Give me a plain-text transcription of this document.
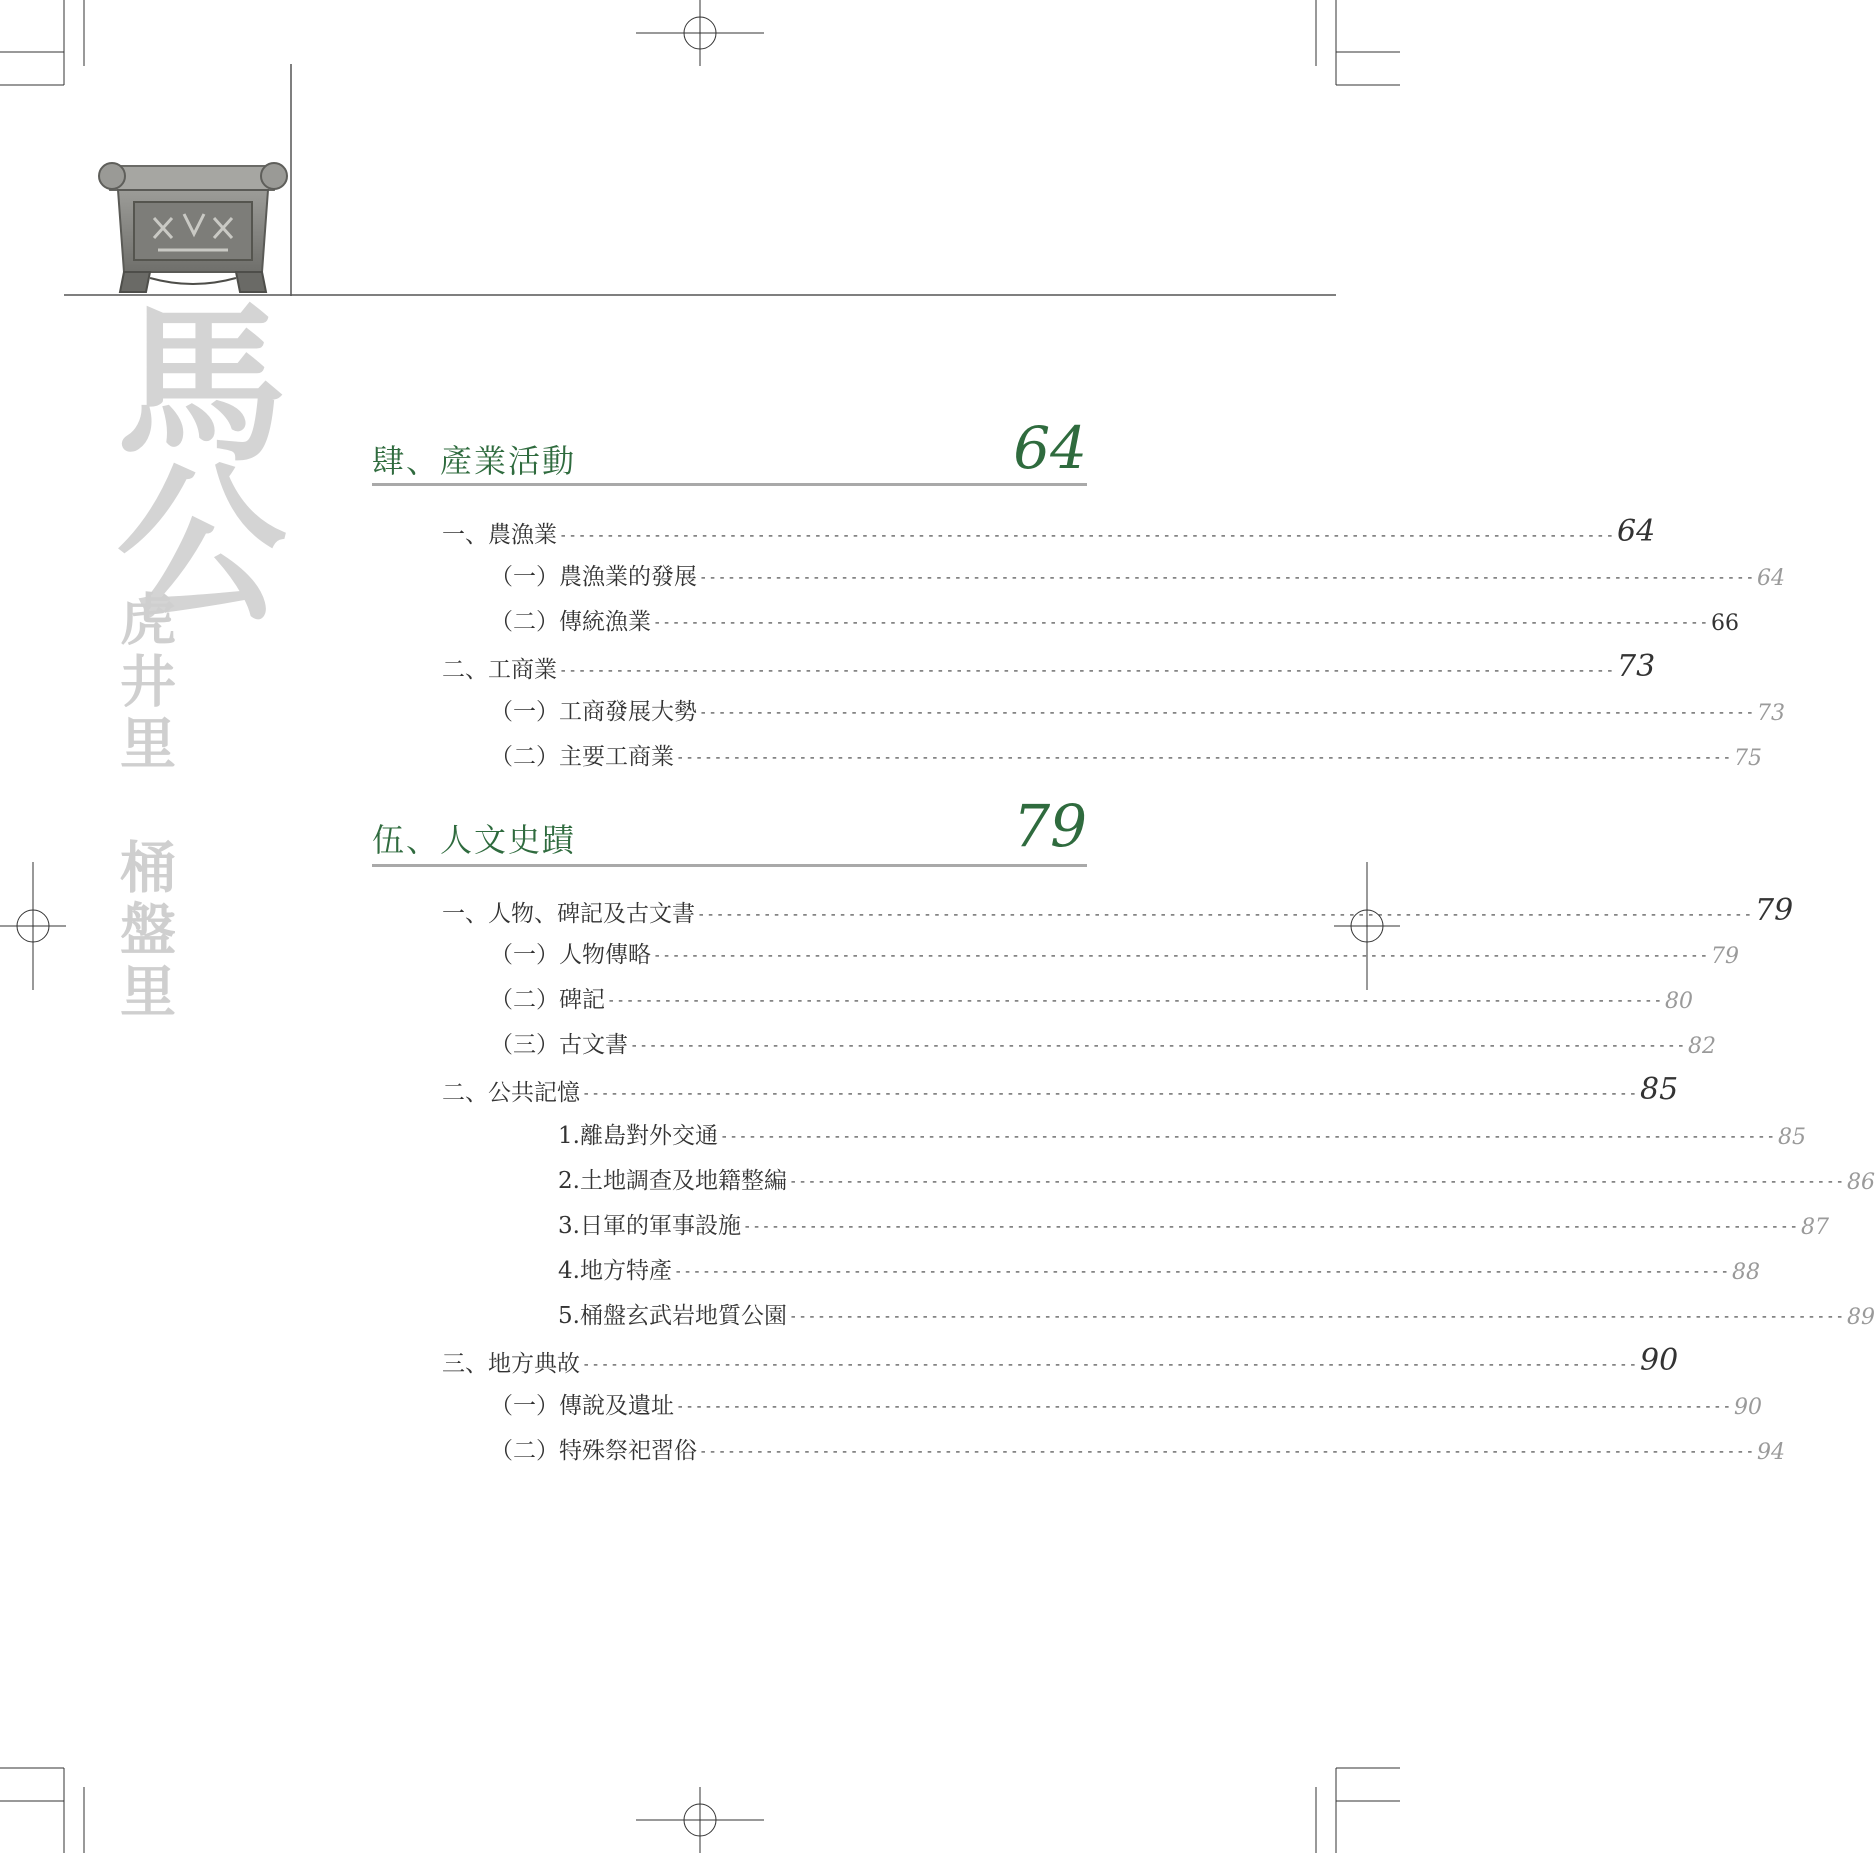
馬公
虎井里　桶盤里
肆、產業活動	64
一、農漁業 ---------------------------------------------------------------------------------------------------------------- 64
（一）農漁業的發展 ---------------------------------------------------------------------------------------------------------------- 64
（二）傳統漁業 ---------------------------------------------------------------------------------------------------------------- 66
二、工商業 ---------------------------------------------------------------------------------------------------------------- 73
（一）工商發展大勢 ---------------------------------------------------------------------------------------------------------------- 73
（二）主要工商業 ---------------------------------------------------------------------------------------------------------------- 75
伍、人文史蹟	79
一、人物、碑記及古文書 ---------------------------------------------------------------------------------------------------------------- 79
（一）人物傳略 ---------------------------------------------------------------------------------------------------------------- 79
（二）碑記 ---------------------------------------------------------------------------------------------------------------- 80
（三）古文書 ---------------------------------------------------------------------------------------------------------------- 82
二、公共記憶 ---------------------------------------------------------------------------------------------------------------- 85
1.離島對外交通 ---------------------------------------------------------------------------------------------------------------- 85
2.土地調查及地籍整編 ---------------------------------------------------------------------------------------------------------------- 86
3.日軍的軍事設施 ---------------------------------------------------------------------------------------------------------------- 87
4.地方特產 ---------------------------------------------------------------------------------------------------------------- 88
5.桶盤玄武岩地質公園 ---------------------------------------------------------------------------------------------------------------- 89
三、地方典故 ---------------------------------------------------------------------------------------------------------------- 90
（一）傳說及遺址 ---------------------------------------------------------------------------------------------------------------- 90
（二）特殊祭祀習俗 ---------------------------------------------------------------------------------------------------------------- 94
